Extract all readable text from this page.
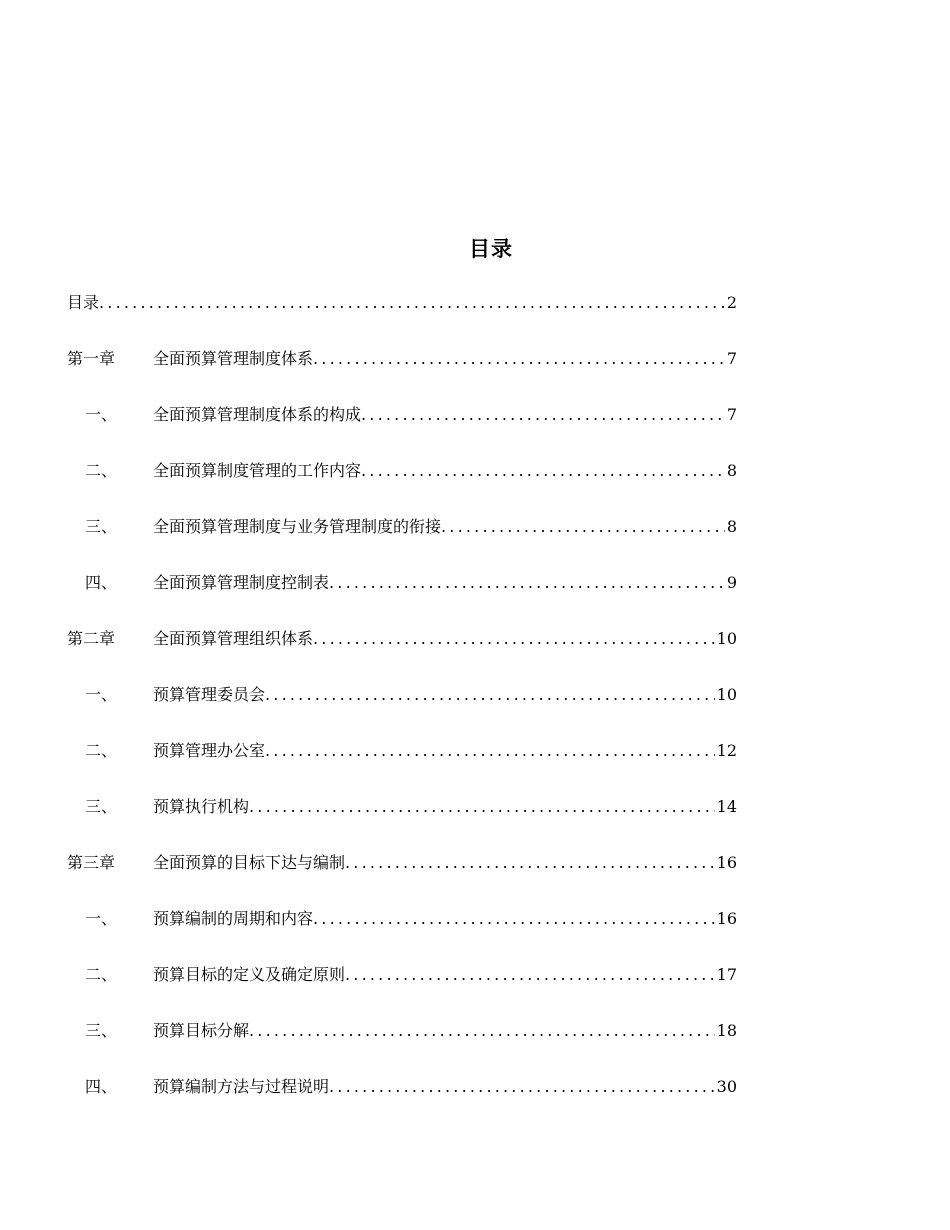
目录
目录 .....	2
第一章	全面预算管理制度体系 .....	7
一、	全面预算管理制度体系的构成 .....	7
二、	全面预算制度管理的工作内容 .....	8
三、	全面预算管理制度与业务管理制度的衔接 .....	8
四、	全面预算管理制度控制表 .....	9
第二章	全面预算管理组织体系 .....	10
一、	预算管理委员会 .....	10
二、	预算管理办公室 .....	12
三、	预算执行机构 .....	14
第三章	全面预算的目标下达与编制 .....	16
一、	预算编制的周期和内容 .....	16
二、	预算目标的定义及确定原则 .....	17
三、	预算目标分解 .....	18
四、	预算编制方法与过程说明 .....	30
